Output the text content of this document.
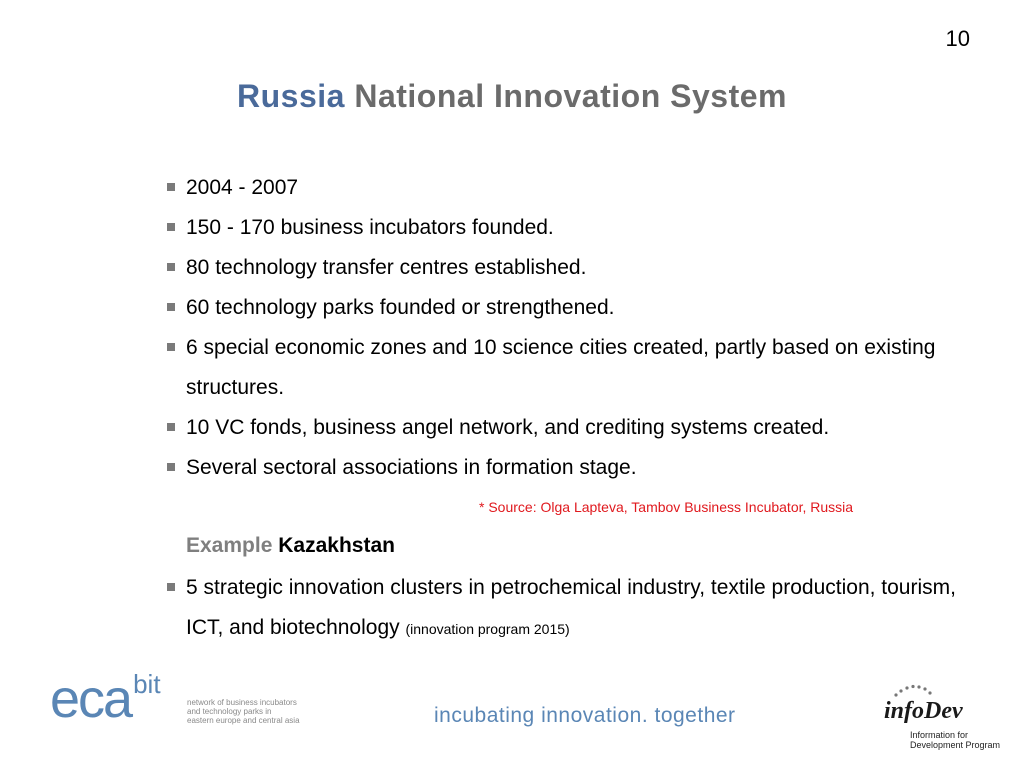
10
Russia National Innovation System
2004 - 2007
150 - 170 business incubators founded.
80 technology transfer centres established.
60 technology parks founded or strengthened.
6 special economic zones and 10 science cities created, partly based on existing structures.
10 VC fonds, business angel network, and crediting systems created.
Several sectoral associations in formation stage.
* Source: Olga Lapteva, Tambov Business Incubator, Russia
Example Kazakhstan
5 strategic innovation clusters in petrochemical industry, textile production, tourism, ICT, and biotechnology (innovation program 2015)
ecabit
network of business incubators
and technology parks in
eastern europe and central asia	incubating innovation. together	infoDev
Information for
Development Program
